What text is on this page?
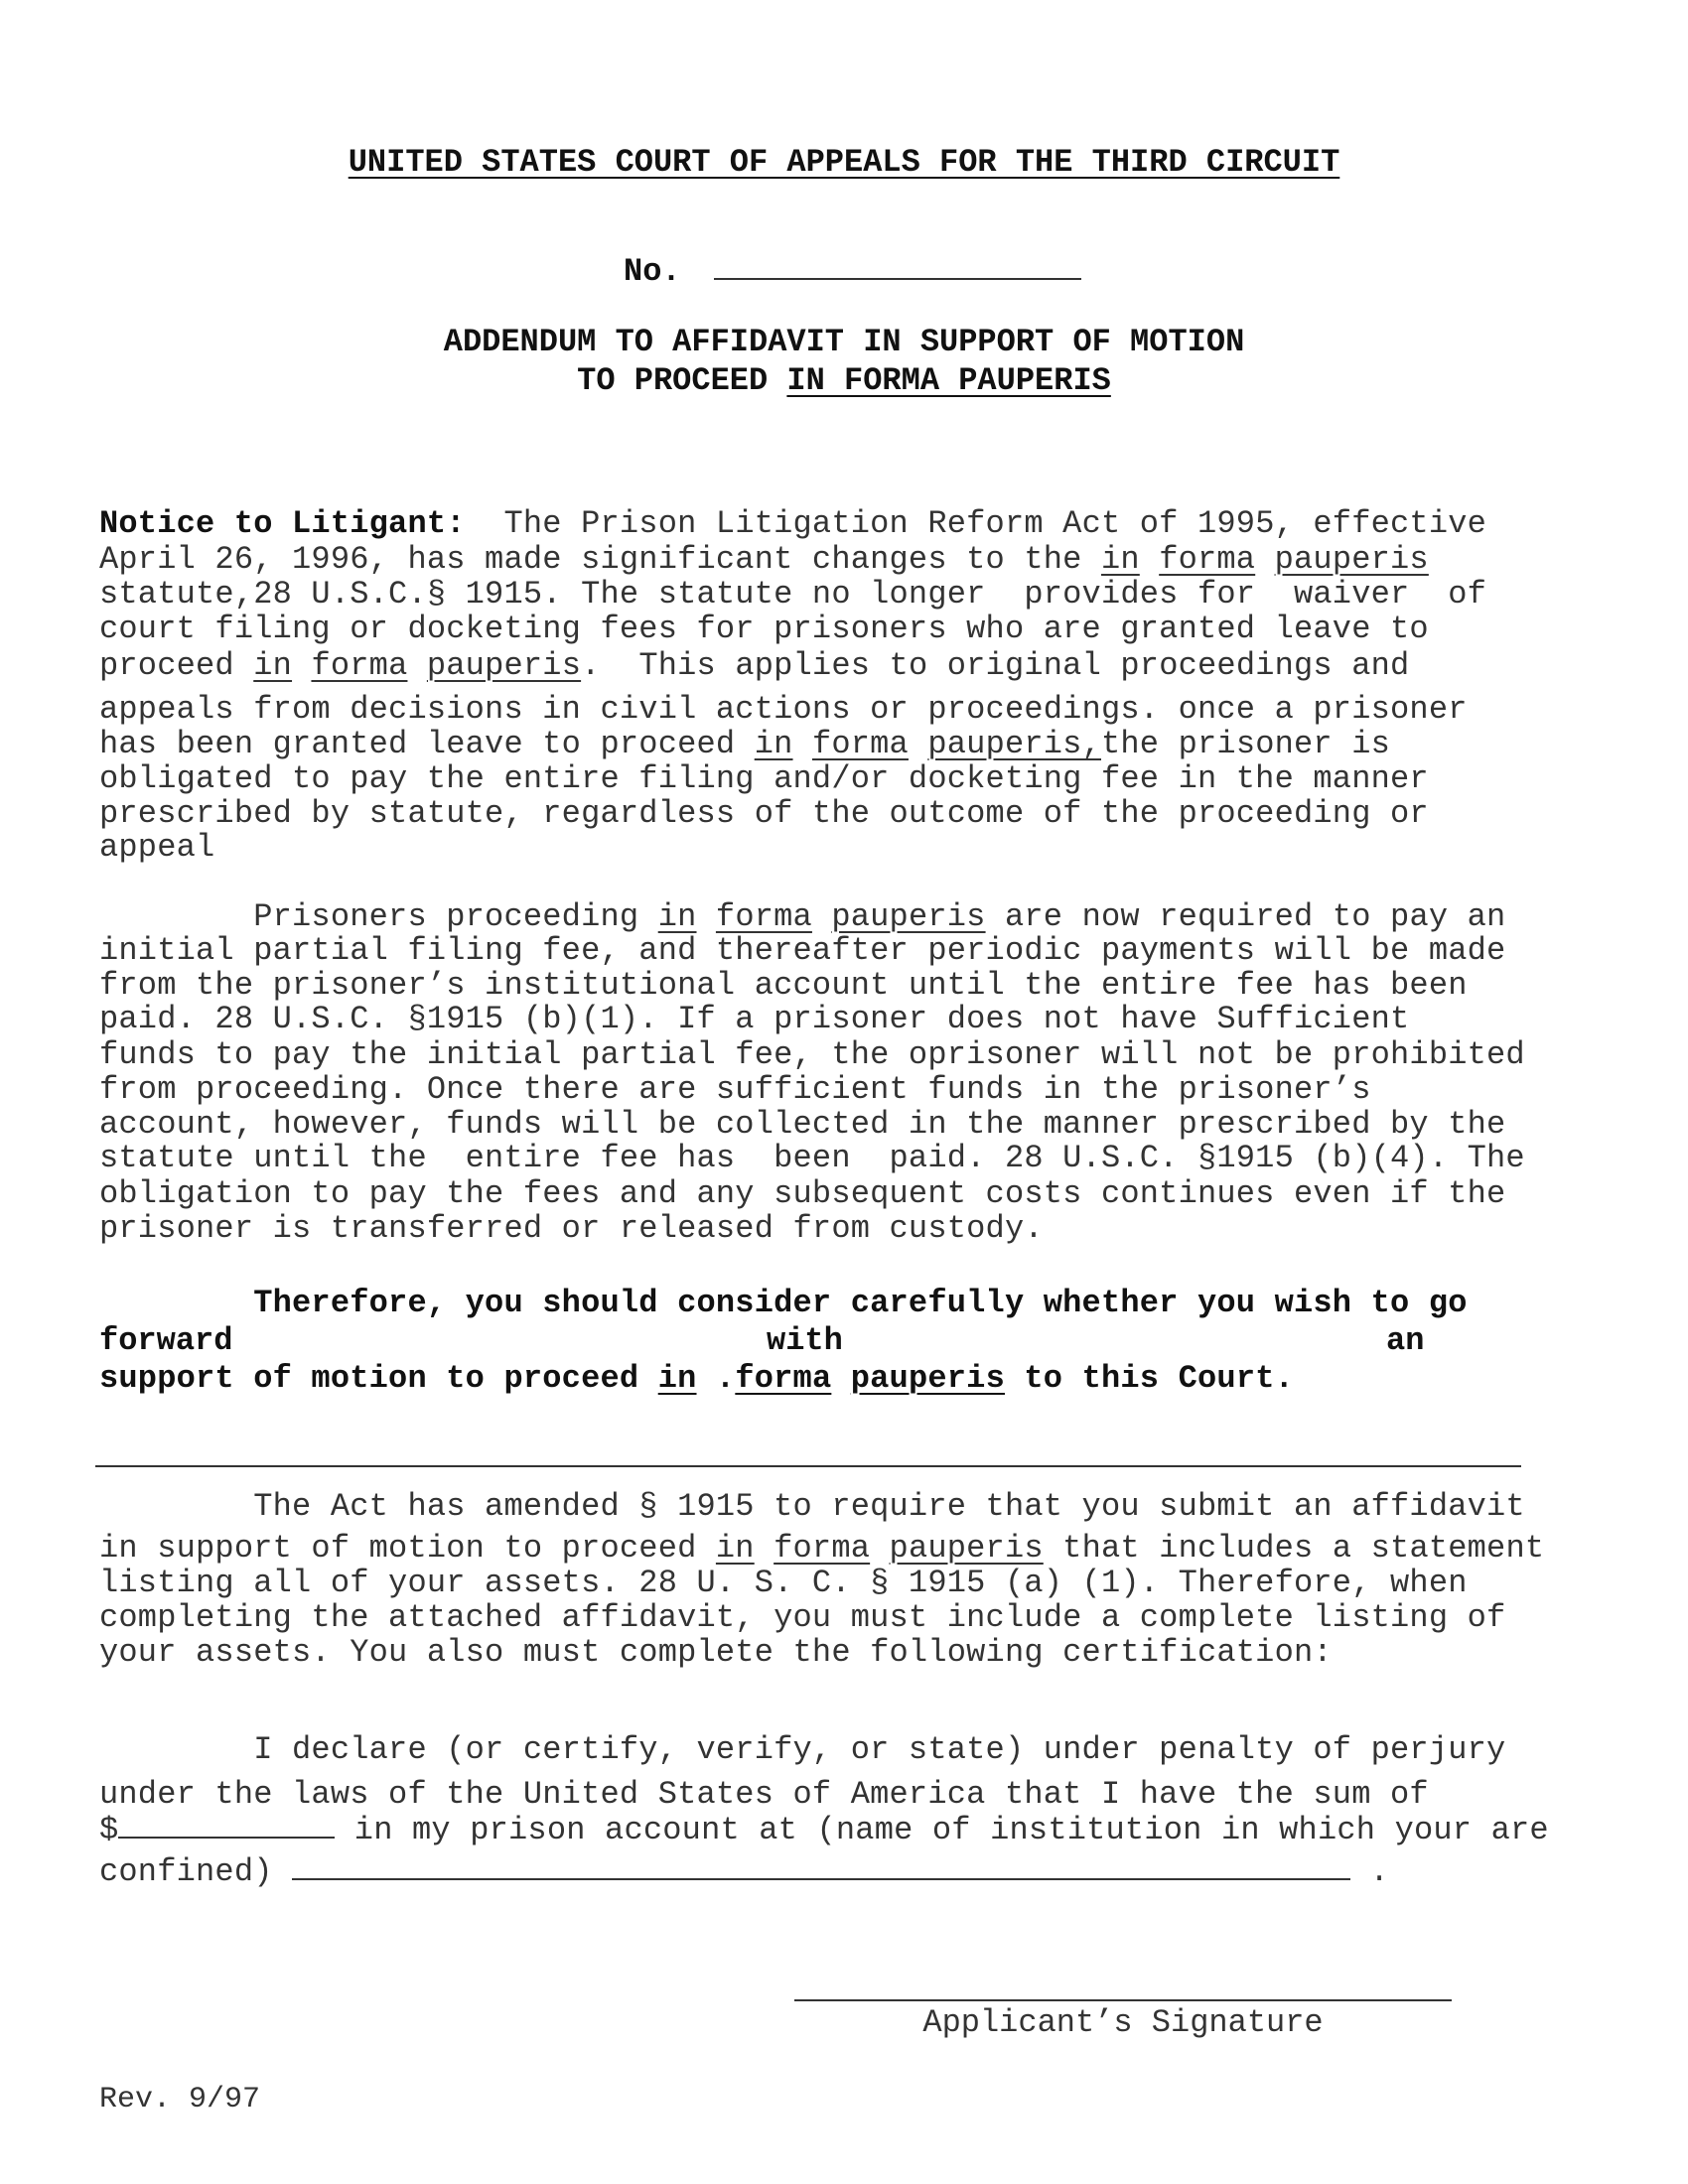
UNITED STATES COURT OF APPEALS FOR THE THIRD CIRCUIT
No.
ADDENDUM TO AFFIDAVIT IN SUPPORT OF MOTION
TO PROCEED IN FORMA PAUPERIS
Notice to Litigant:  The Prison Litigation Reform Act of 1995, effective
April 26, 1996, has made significant changes to the in forma pauperis
statute,28 U.S.C.§ 1915. The statute no longer  provides for  waiver  of
court filing or docketing fees for prisoners who are granted leave to
proceed in forma pauperis.  This applies to original proceedings and
appeals from decisions in civil actions or proceedings. once a prisoner
has been granted leave to proceed in forma pauperis,the prisoner is
obligated to pay the entire filing and/or docketing fee in the manner
prescribed by statute, regardless of the outcome of the proceeding or
appeal
Prisoners proceeding in forma pauperis are now required to pay an
initial partial filing fee, and thereafter periodic payments will be made
from the prisoner’s institutional account until the entire fee has been
paid. 28 U.S.C. §1915 (b)(1). If a prisoner does not have Sufficient
funds to pay the initial partial fee, the oprisoner will not be prohibited
from proceeding. Once there are sufficient funds in the prisoner’s
account, however, funds will be collected in the manner prescribed by the
statute until the  entire fee has  been  paid. 28 U.S.C. §1915 (b)(4). The
obligation to pay the fees and any subsequent costs continues even if the
prisoner is transferred or released from custody.
Therefore, you should consider carefully whether you wish to go
forward	with	an
support of motion to proceed in .forma pauperis to this Court.
The Act has amended § 1915 to require that you submit an affidavit
in support of motion to proceed in forma pauperis that includes a statement
listing all of your assets. 28 U. S. C. § 1915 (a) (1). Therefore, when
completing the attached affidavit, you must include a complete listing of
your assets. You also must complete the following certification:
I declare (or certify, verify, or state) under penalty of perjury
under the laws of the United States of America that I have the sum of
$	in my prison account at (name of institution in which your are
confined)	.
Applicant’s Signature
Rev. 9/97
